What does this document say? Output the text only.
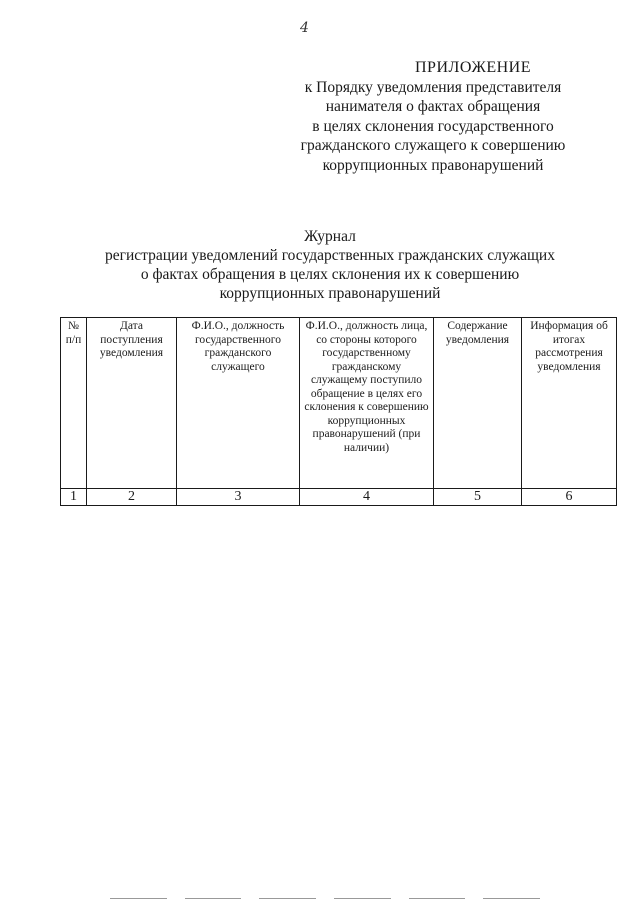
4
ПРИЛОЖЕНИЕ
к Порядку уведомления представителя
нанимателя о фактах обращения
в целях склонения государственного
гражданского служащего к совершению
коррупционных правонарушений
Журнал
регистрации уведомлений государственных гражданских служащих
о фактах обращения в целях склонения их к совершению
коррупционных правонарушений
№ п/п	Дата поступления уведомления	Ф.И.О., должность государственного гражданского служащего	Ф.И.О., должность лица, со стороны которого государственному гражданскому служащему поступило обращение в целях его склонения к совершению коррупционных правонарушений (при наличии)	Содержание уведомления	Информация об итогах рассмотрения уведомления
1	2	3	4	5	6
